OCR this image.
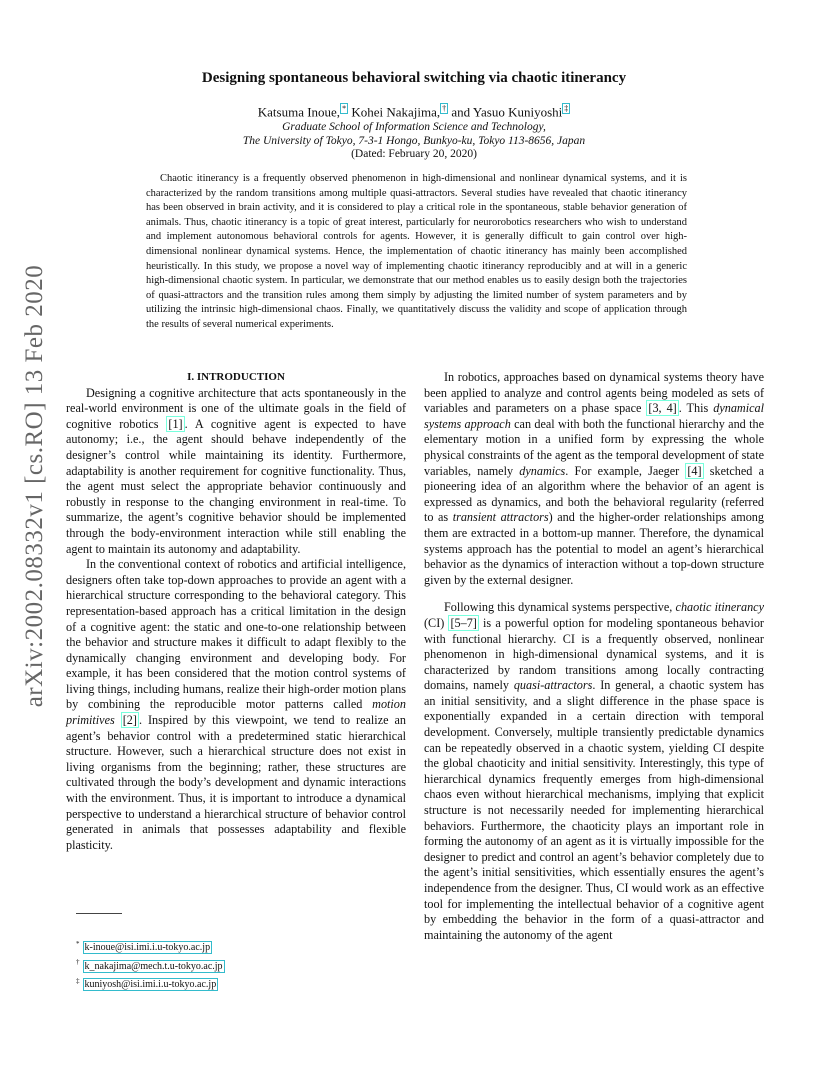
arXiv:2002.08332v1 [cs.RO] 13 Feb 2020
Designing spontaneous behavioral switching via chaotic itinerancy
Katsuma Inoue, * Kohei Nakajima, † and Yasuo Kuniyoshi ‡
Graduate School of Information Science and Technology,
The University of Tokyo, 7-3-1 Hongo, Bunkyo-ku, Tokyo 113-8656, Japan
(Dated: February 20, 2020)

Chaotic itinerancy is a frequently observed phenomenon in high-dimensional and nonlinear dynamical systems, and it is characterized by the random transitions among multiple quasi-attractors. Several studies have revealed that chaotic itinerancy has been observed in brain activity, and it is considered to play a critical role in the spontaneous, stable behavior generation of animals. Thus, chaotic itinerancy is a topic of great interest, particularly for neurorobotics researchers who wish to understand and implement autonomous behavioral controls for agents. However, it is generally difficult to gain control over high-dimensional nonlinear dynamical systems. Hence, the implementation of chaotic itinerancy has mainly been accomplished heuristically. In this study, we propose a novel way of implementing chaotic itinerancy reproducibly and at will in a generic high-dimensional chaotic system. In particular, we demonstrate that our method enables us to easily design both the trajectories of quasi-attractors and the transition rules among them simply by adjusting the limited number of system parameters and by utilizing the intrinsic high-dimensional chaos. Finally, we quantitatively discuss the validity and scope of application through the results of several numerical experiments.

I. INTRODUCTION

Designing a cognitive architecture that acts spontaneously in the real-world environment is one of the ultimate goals in the field of cognitive robotics [1] . A cognitive agent is expected to have autonomy; i.e., the agent should behave independently of the designer’s control while maintaining its identity. Furthermore, adaptability is another requirement for cognitive functionality. Thus, the agent must select the appropriate behavior continuously and robustly in response to the changing environment in real-time. To summarize, the agent’s cognitive behavior should be implemented through the body-environment interaction while still enabling the agent to maintain its autonomy and adaptability.

In the conventional context of robotics and artificial intelligence, designers often take top-down approaches to provide an agent with a hierarchical structure corresponding to the behavioral category. This representation-based approach has a critical limitation in the design of a cognitive agent: the static and one-to-one relationship between the behavior and structure makes it difficult to adapt flexibly to the dynamically changing environment and developing body. For example, it has been considered that the motion control systems of living things, including humans, realize their high-order motion plans by combining the reproducible motor patterns called motion primitives [2] . Inspired by this viewpoint, we tend to realize an agent’s behavior control with a predetermined static hierarchical structure. However, such a hierarchical structure does not exist in living organisms from the beginning; rather, these structures are cultivated through the body’s development and dynamic interactions with the environment. Thus, it is important to introduce a dynamical perspective to understand a hierarchical structure of behavior control generated in animals that possesses adaptability and flexible plasticity.

In robotics, approaches based on dynamical systems theory have been applied to analyze and control agents being modeled as sets of variables and parameters on a phase space [3, 4] . This dynamical systems approach can deal with both the functional hierarchy and the elementary motion in a unified form by expressing the whole physical constraints of the agent as the temporal development of state variables, namely dynamics. For example, Jaeger [4] sketched a pioneering idea of an algorithm where the behavior of an agent is expressed as dynamics, and both the behavioral regularity (referred to as transient attractors) and the higher-order relationships among them are extracted in a bottom-up manner. Therefore, the dynamical systems approach has the potential to model an agent’s hierarchical behavior as the dynamics of interaction without a top-down structure given by the external designer.

Following this dynamical systems perspective, chaotic itinerancy (CI) [5–7] is a powerful option for modeling spontaneous behavior with functional hierarchy. CI is a frequently observed, nonlinear phenomenon in high-dimensional dynamical systems, and it is characterized by random transitions among locally contracting domains, namely quasi-attractors. In general, a chaotic system has an initial sensitivity, and a slight difference in the phase space is exponentially expanded in a certain direction with temporal development. Conversely, multiple transiently predictable dynamics can be repeatedly observed in a chaotic system, yielding CI despite the global chaoticity and initial sensitivity. Interestingly, this type of hierarchical dynamics frequently emerges from high-dimensional chaos even without hierarchical mechanisms, implying that explicit structure is not necessarily needed for implementing hierarchical behaviors. Furthermore, the chaoticity plays an important role in forming the autonomy of an agent as it is virtually impossible for the designer to predict and control an agent’s behavior completely due to the agent’s initial sensitivities, which essentially ensures the agent’s independence from the designer. Thus, CI would work as an effective tool for implementing the intellectual behavior of a cognitive agent by embedding the behavior in the form of a quasi-attractor and maintaining the autonomy of the agent

* k-inoue@isi.imi.i.u-tokyo.ac.jp
† k_nakajima@mech.t.u-tokyo.ac.jp
‡ kuniyosh@isi.imi.i.u-tokyo.ac.jp
